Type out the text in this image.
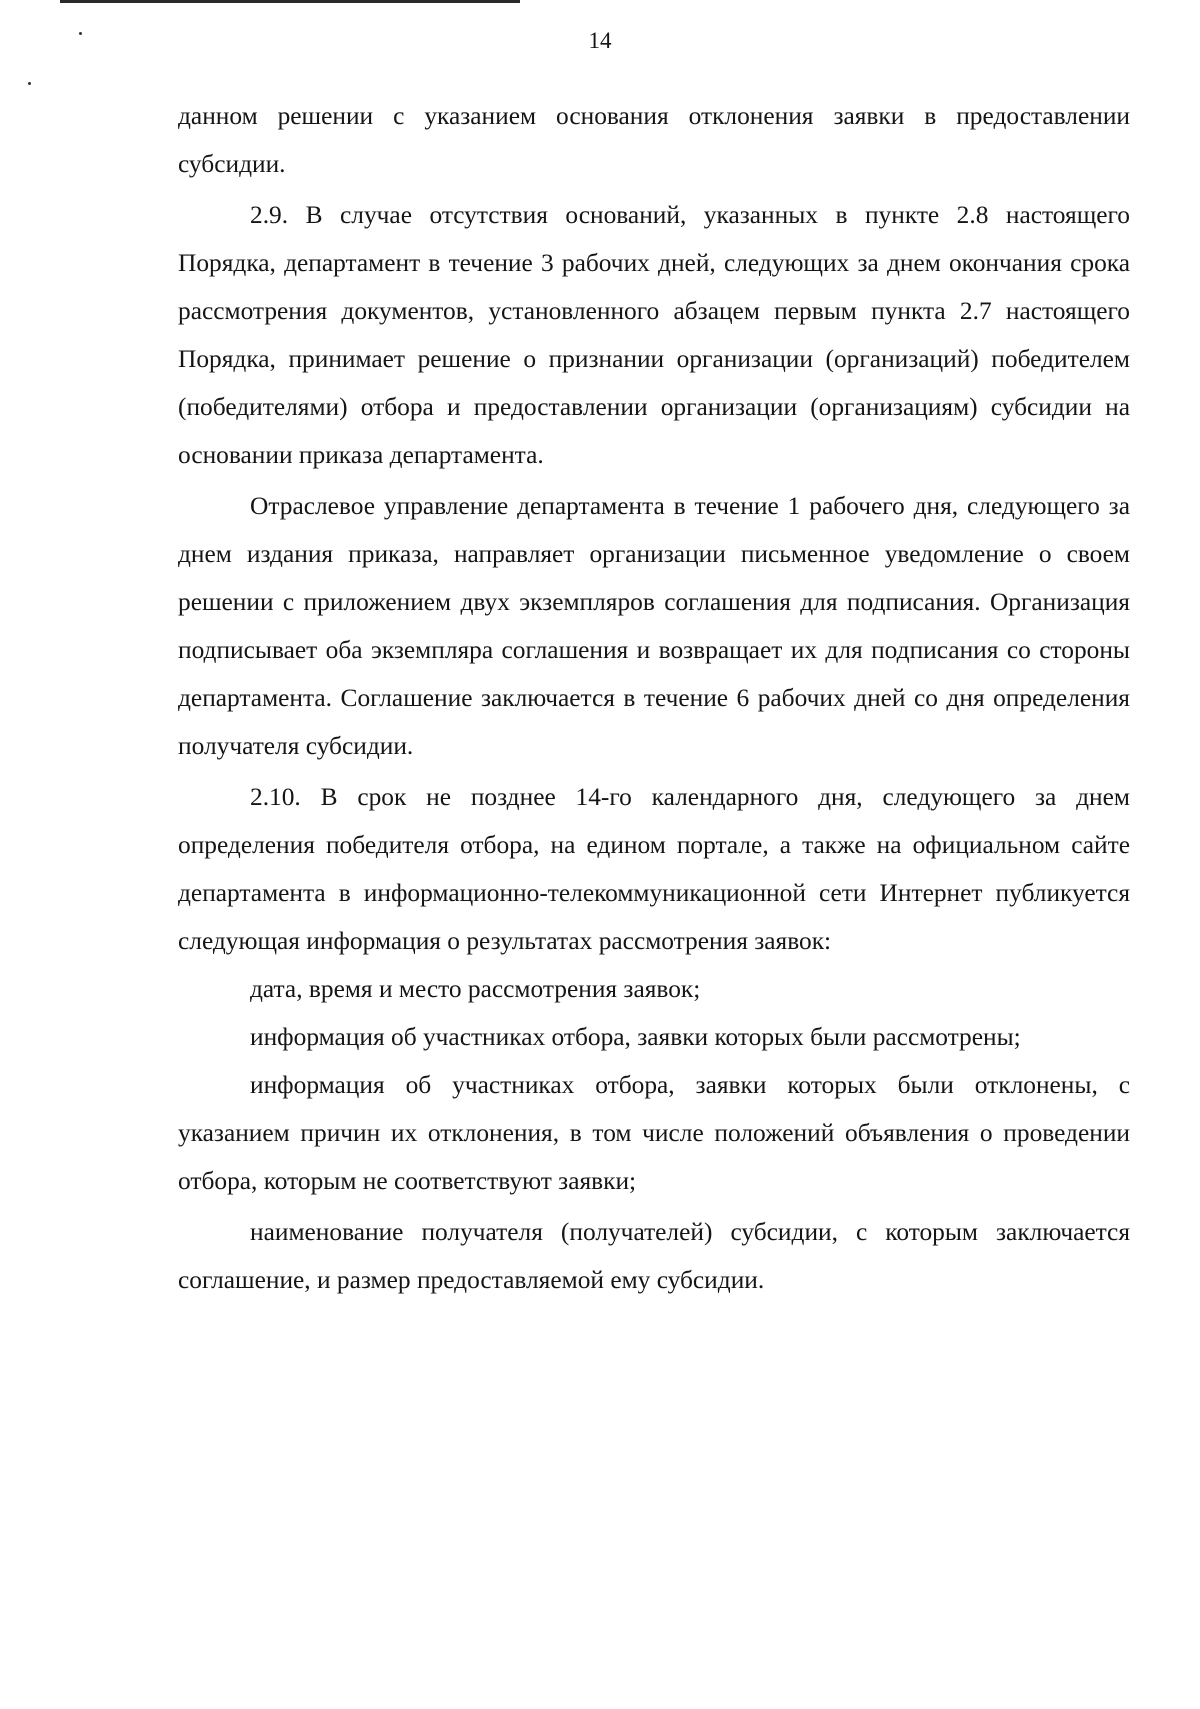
14

данном решении с указанием основания отклонения заявки в предоставлении субсидии.

2.9. В случае отсутствия оснований, указанных в пункте 2.8 настоящего Порядка, департамент в течение 3 рабочих дней, следующих за днем окончания срока рассмотрения документов, установленного абзацем первым пункта 2.7 настоящего Порядка, принимает решение о признании организации (организаций) победителем (победителями) отбора и предоставлении организации (организациям) субсидии на основании приказа департамента.

Отраслевое управление департамента в течение 1 рабочего дня, следующего за днем издания приказа, направляет организации письменное уведомление о своем решении с приложением двух экземпляров соглашения для подписания. Организация подписывает оба экземпляра соглашения и возвращает их для подписания со стороны департамента. Соглашение заключается в течение 6 рабочих дней со дня определения получателя субсидии.

2.10. В срок не позднее 14-го календарного дня, следующего за днем определения победителя отбора, на едином портале, а также на официальном сайте департамента в информационно-телекоммуникационной сети Интернет публикуется следующая информация о результатах рассмотрения заявок:

дата, время и место рассмотрения заявок;

информация об участниках отбора, заявки которых были рассмотрены;

информация об участниках отбора, заявки которых были отклонены, с указанием причин их отклонения, в том числе положений объявления о проведении отбора, которым не соответствуют заявки;

наименование получателя (получателей) субсидии, с которым заключается соглашение, и размер предоставляемой ему субсидии.
